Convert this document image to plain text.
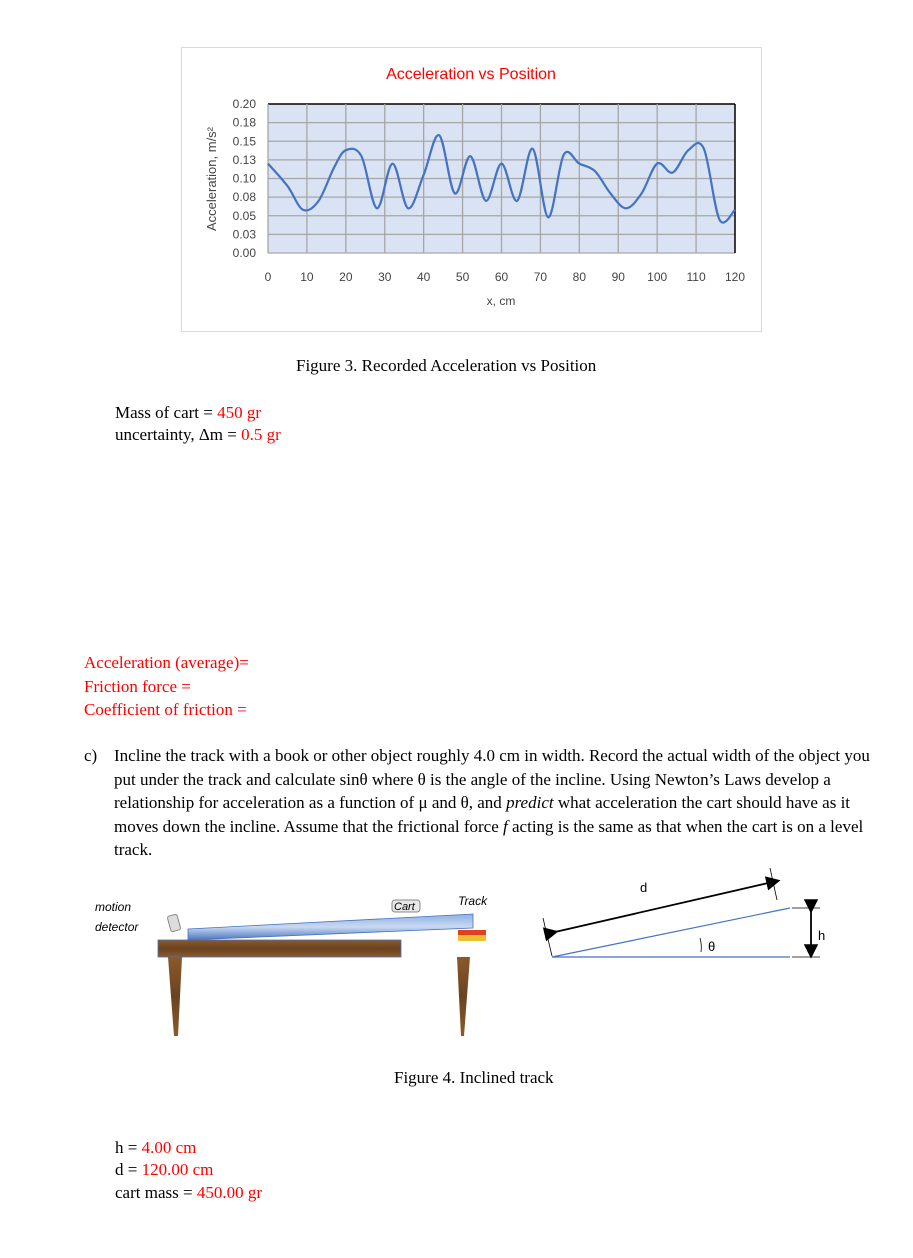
0.00
0.03
0.05
0.08
0.10
0.13
0.15
0.18
0.20
0 10 20 30 40 50 60 70 80 90 100 110 120
Acceleration vs Position
x, cm
Acceleration, m/s²
Figure 3. Recorded Acceleration vs Position
Mass of cart = 450 gr
uncertainty, Δm = 0.5 gr
Acceleration (average)=
Friction force =
Coefficient of friction =
c) Incline the track with a book or other object roughly 4.0 cm in width. Record the actual width of the object you put under the track and calculate sinθ where θ is the angle of the incline. Using Newton’s Laws develop a relationship for acceleration as a function of μ and θ, and predict what acceleration the cart should have as it moves down the incline. Assume that the frictional force f acting is the same as that when the cart is on a level track.
Cart	Track
motion
detector
d
h
θ
Figure 4. Inclined track
h = 4.00 cm
d = 120.00 cm
cart mass = 450.00 gr
